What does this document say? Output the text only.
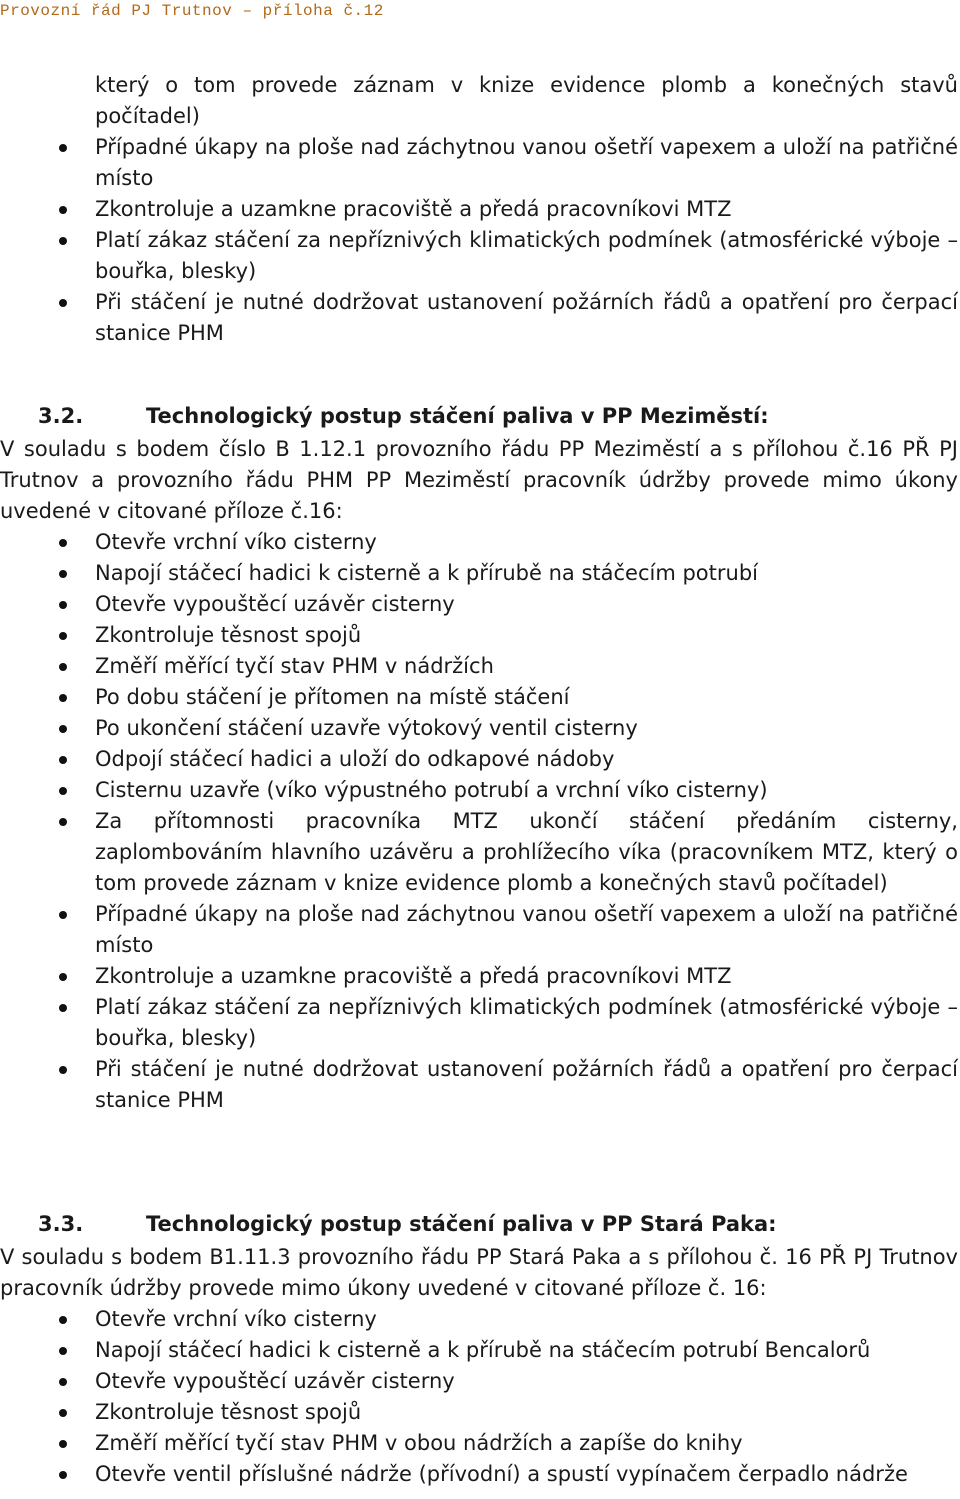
Provozní řád PJ Trutnov – příloha č.12
který o tom provede záznam v knize evidence plomb a konečných stavů počítadel)
Případné úkapy na ploše nad záchytnou vanou ošetří vapexem a uloží na patřičné místo
Zkontroluje a uzamkne pracoviště a předá pracovníkovi MTZ
Platí zákaz stáčení za nepříznivých klimatických podmínek (atmosférické výboje – bouřka, blesky)
Při stáčení je nutné dodržovat ustanovení požárních řádů a opatření pro čerpací stanice PHM
3.2.	Technologický postup stáčení paliva v PP Meziměstí:
V souladu s bodem číslo B 1.12.1 provozního řádu PP Meziměstí a s přílohou č.16 PŘ PJ Trutnov a provozního řádu PHM PP Meziměstí pracovník údržby provede mimo úkony uvedené v citované příloze č.16:
Otevře vrchní víko cisterny
Napojí stáčecí hadici k cisterně a k přírubě na stáčecím potrubí
Otevře vypouštěcí uzávěr cisterny
Zkontroluje těsnost spojů
Změří měřící tyčí stav PHM v nádržích
Po dobu stáčení je přítomen na místě stáčení
Po ukončení stáčení uzavře výtokový ventil cisterny
Odpojí stáčecí hadici a uloží do odkapové nádoby
Cisternu uzavře (víko výpustného potrubí a vrchní víko cisterny)
Za přítomnosti pracovníka MTZ ukončí stáčení předáním cisterny, zaplombováním hlavního uzávěru a prohlížecího víka (pracovníkem MTZ, který o tom provede záznam v knize evidence plomb a konečných stavů počítadel)
Případné úkapy na ploše nad záchytnou vanou ošetří vapexem a uloží na patřičné místo
Zkontroluje a uzamkne pracoviště a předá pracovníkovi MTZ
Platí zákaz stáčení za nepříznivých klimatických podmínek (atmosférické výboje – bouřka, blesky)
Při stáčení je nutné dodržovat ustanovení požárních řádů a opatření pro čerpací stanice PHM
3.3.	Technologický postup stáčení paliva v PP Stará Paka:
V souladu s bodem B1.11.3 provozního řádu PP Stará Paka a s přílohou č. 16 PŘ PJ Trutnov pracovník údržby provede mimo úkony uvedené v citované příloze č. 16:
Otevře vrchní víko cisterny
Napojí stáčecí hadici k cisterně a k přírubě na stáčecím potrubí Bencalorů
Otevře vypouštěcí uzávěr cisterny
Zkontroluje těsnost spojů
Změří měřící tyčí stav PHM v obou nádržích a zapíše do knihy
Otevře ventil příslušné nádrže (přívodní) a spustí vypínačem čerpadlo nádrže
